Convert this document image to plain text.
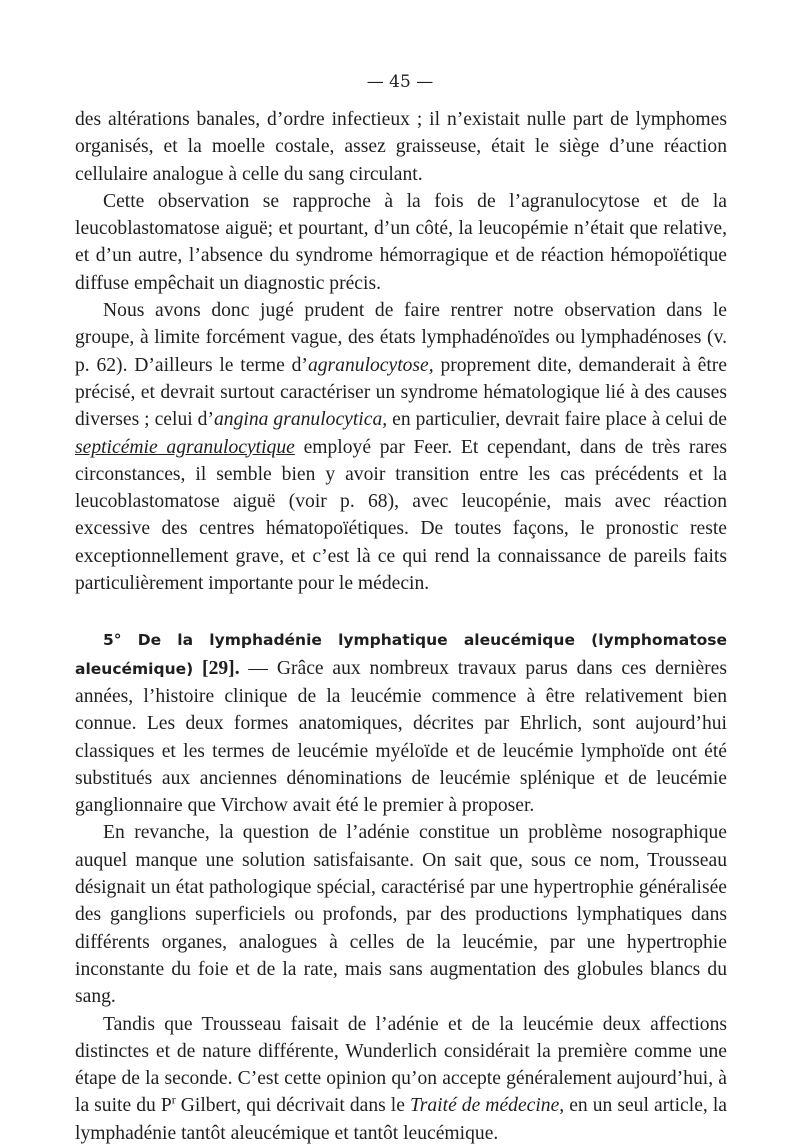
— 45 —

des altérations banales, d’ordre infectieux ; il n’existait nulle part de lymphomes organisés, et la moelle costale, assez graisseuse, était le siège d’une réaction cellulaire analogue à celle du sang circulant.

Cette observation se rapproche à la fois de l’agranulocytose et de la leucoblastomatose aiguë; et pourtant, d’un côté, la leucopémie n’était que relative, et d’un autre, l’absence du syndrome hémorragique et de réaction hémopoïétique diffuse empêchait un diagnostic précis.

Nous avons donc jugé prudent de faire rentrer notre observation dans le groupe, à limite forcément vague, des états lymphadénoïdes ou lymphadénoses (v. p. 62). D’ailleurs le terme d’agranulocytose, proprement dite, demanderait à être précisé, et devrait surtout caractériser un syndrome hématologique lié à des causes diverses ; celui d’angina granulocytica, en particulier, devrait faire place à celui de septicémie agranulocytique employé par Feer. Et cependant, dans de très rares circonstances, il semble bien y avoir transition entre les cas précédents et la leucoblastomatose aiguë (voir p. 68), avec leucopénie, mais avec réaction excessive des centres hématopoïétiques. De toutes façons, le pronostic reste exceptionnellement grave, et c’est là ce qui rend la connaissance de pareils faits particulièrement importante pour le médecin.

5° De la lymphadénie lymphatique aleucémique (lymphomatose aleucémique) [29]. — Grâce aux nombreux travaux parus dans ces dernières années, l’histoire clinique de la leucémie commence à être relativement bien connue. Les deux formes anatomiques, décrites par Ehrlich, sont aujourd’hui classiques et les termes de leucémie myéloïde et de leucémie lymphoïde ont été substitués aux anciennes dénominations de leucémie splénique et de leucémie ganglionnaire que Virchow avait été le premier à proposer.

En revanche, la question de l’adénie constitue un problème nosographique auquel manque une solution satisfaisante. On sait que, sous ce nom, Trousseau désignait un état pathologique spécial, caractérisé par une hypertrophie généralisée des ganglions superficiels ou profonds, par des productions lymphatiques dans différents organes, analogues à celles de la leucémie, par une hypertrophie inconstante du foie et de la rate, mais sans augmentation des globules blancs du sang.

Tandis que Trousseau faisait de l’adénie et de la leucémie deux affections distinctes et de nature différente, Wunderlich considérait la première comme une étape de la seconde. C’est cette opinion qu’on accepte généralement aujourd’hui, à la suite du $P^r$ Gilbert, qui décrivait dans le Traité de médecine, en un seul article, la lymphadénie tantôt aleucémique et tantôt leucémique.
